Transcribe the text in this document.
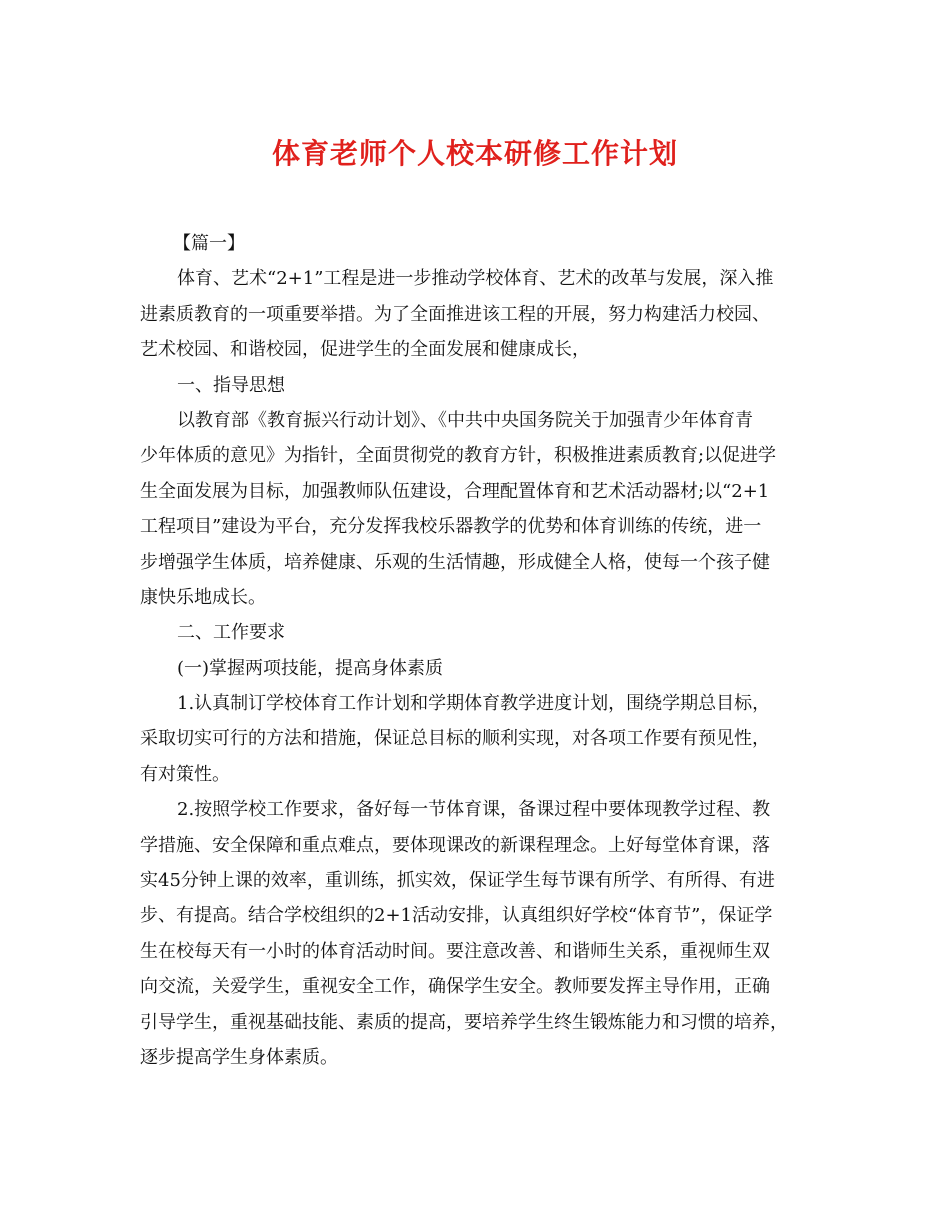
体育老师个人校本研修工作计划
【篇一】
体育、艺术“2+1”工程是进一步推动学校体育、艺术的改革与发展，深入推
进素质教育的一项重要举措。为了全面推进该工程的开展，努力构建活力校园、
艺术校园、和谐校园，促进学生的全面发展和健康成长，
一、指导思想
以教育部《教育振兴行动计划》、《中共中央国务院关于加强青少年体育青
少年体质的意见》为指针，全面贯彻党的教育方针，积极推进素质教育;以促进学
生全面发展为目标，加强教师队伍建设，合理配置体育和艺术活动器材;以“2+1
工程项目”建设为平台，充分发挥我校乐器教学的优势和体育训练的传统，进一
步增强学生体质，培养健康、乐观的生活情趣，形成健全人格，使每一个孩子健
康快乐地成长。
二、工作要求
(一)掌握两项技能，提高身体素质
1.认真制订学校体育工作计划和学期体育教学进度计划，围绕学期总目标，
采取切实可行的方法和措施，保证总目标的顺利实现，对各项工作要有预见性，
有对策性。
2.按照学校工作要求，备好每一节体育课，备课过程中要体现教学过程、教
学措施、安全保障和重点难点，要体现课改的新课程理念。上好每堂体育课，落
实45分钟上课的效率，重训练，抓实效，保证学生每节课有所学、有所得、有进
步、有提高。结合学校组织的2+1活动安排，认真组织好学校“体育节”，保证学
生在校每天有一小时的体育活动时间。要注意改善、和谐师生关系，重视师生双
向交流，关爱学生，重视安全工作，确保学生安全。教师要发挥主导作用，正确
引导学生，重视基础技能、素质的提高，要培养学生终生锻炼能力和习惯的培养，
逐步提高学生身体素质。
